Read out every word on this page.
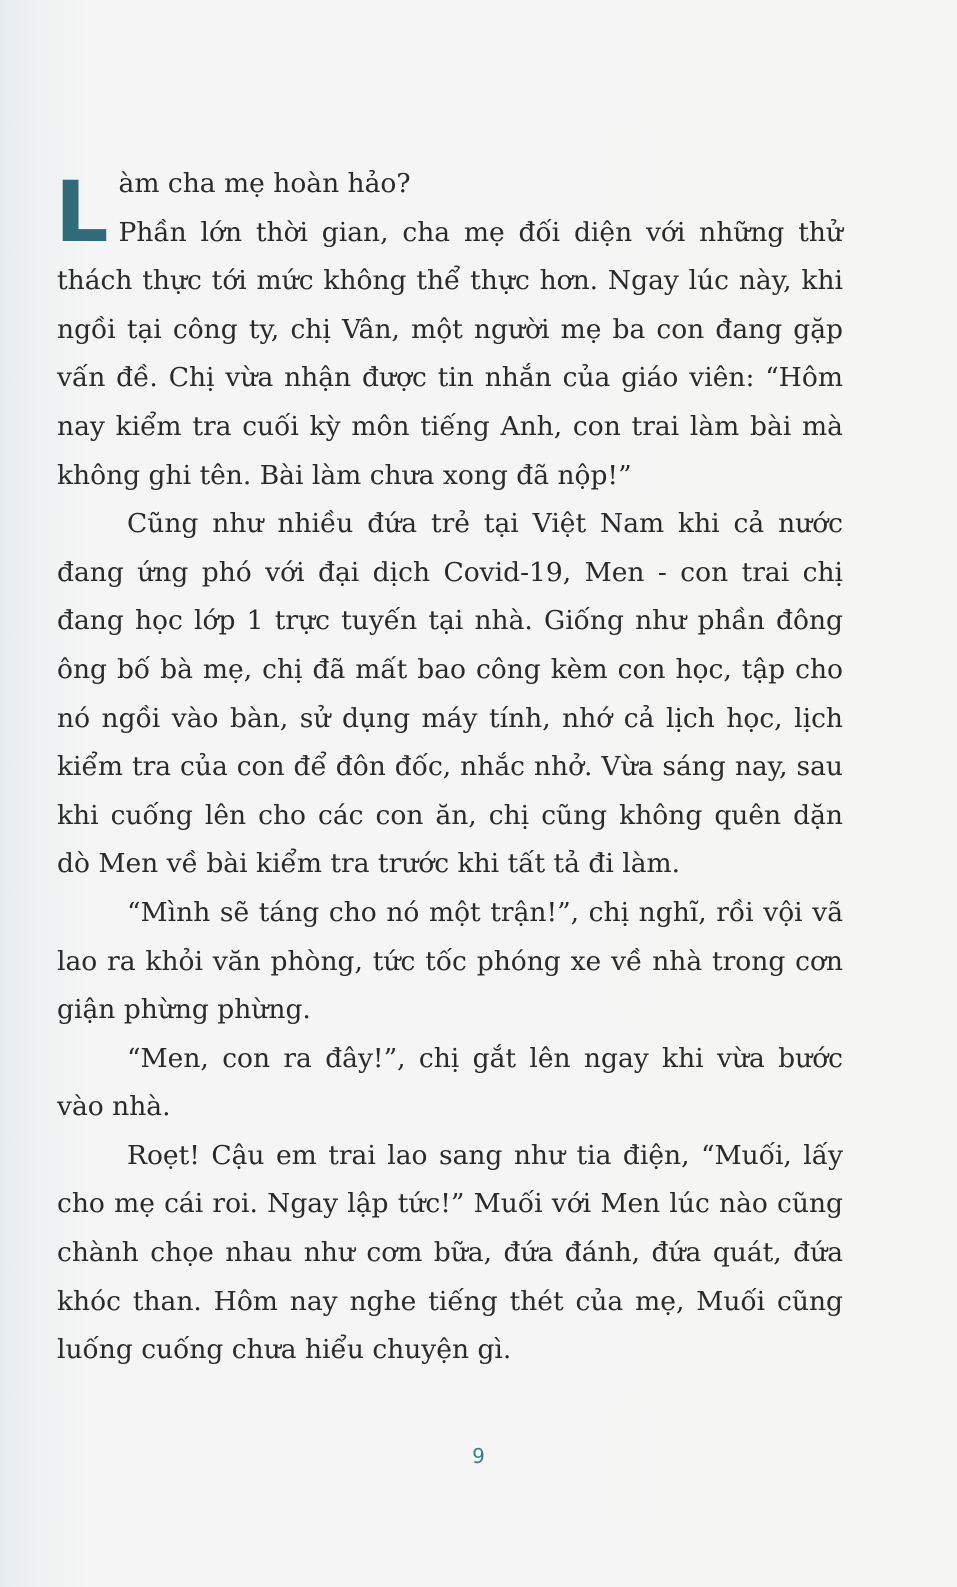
L àm cha mẹ hoàn hảo?

Phần lớn thời gian, cha mẹ đối diện với những thử thách thực tới mức không thể thực hơn. Ngay lúc này, khi ngồi tại công ty, chị Vân, một người mẹ ba con đang gặp vấn đề. Chị vừa nhận được tin nhắn của giáo viên: “Hôm nay kiểm tra cuối kỳ môn tiếng Anh, con trai làm bài mà không ghi tên. Bài làm chưa xong đã nộp!”

Cũng như nhiều đứa trẻ tại Việt Nam khi cả nước đang ứng phó với đại dịch Covid-19, Men - con trai chị đang học lớp 1 trực tuyến tại nhà. Giống như phần đông ông bố bà mẹ, chị đã mất bao công kèm con học, tập cho nó ngồi vào bàn, sử dụng máy tính, nhớ cả lịch học, lịch kiểm tra của con để đôn đốc, nhắc nhở. Vừa sáng nay, sau khi cuống lên cho các con ăn, chị cũng không quên dặn dò Men về bài kiểm tra trước khi tất tả đi làm.

“Mình sẽ táng cho nó một trận!”, chị nghĩ, rồi vội vã lao ra khỏi văn phòng, tức tốc phóng xe về nhà trong cơn giận phừng phừng.

“Men, con ra đây!”, chị gắt lên ngay khi vừa bước vào nhà.

Roẹt! Cậu em trai lao sang như tia điện, “Muối, lấy cho mẹ cái roi. Ngay lập tức!” Muối với Men lúc nào cũng chành chọe nhau như cơm bữa, đứa đánh, đứa quát, đứa khóc than. Hôm nay nghe tiếng thét của mẹ, Muối cũng luống cuống chưa hiểu chuyện gì.

9
